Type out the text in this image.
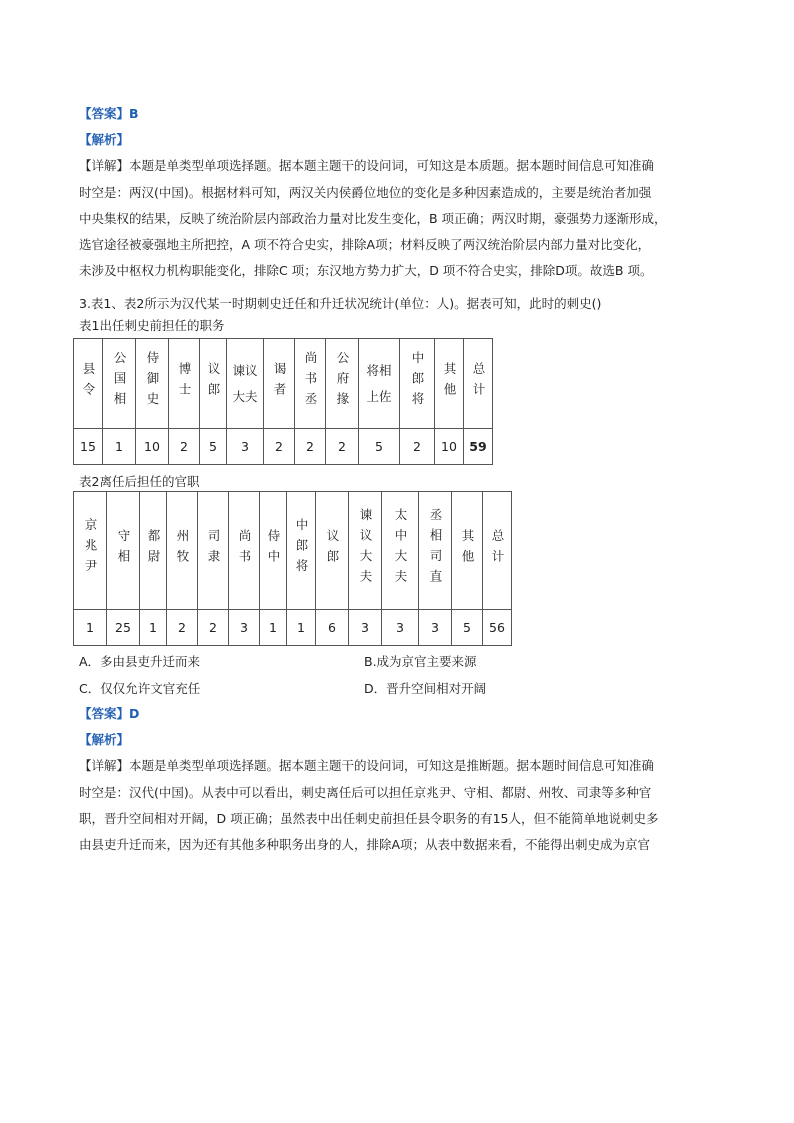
【答案】B
【解析】
【详解】本题是单类型单项选择题。据本题主题干的设问词，可知这是本质题。据本题时间信息可知准确
时空是：两汉(中国)。根据材料可知，两汉关内侯爵位地位的变化是多种因素造成的，主要是统治者加强
中央集权的结果，反映了统治阶层内部政治力量对比发生变化，B 项正确；两汉时期，豪强势力逐渐形成，
选官途径被豪强地主所把控，A 项不符合史实，排除A项；材料反映了两汉统治阶层内部力量对比变化，
未涉及中枢权力机构职能变化，排除C 项；东汉地方势力扩大，D 项不符合史实，排除D项。故选B 项。
3.表1、表2所示为汉代某一时期刺史迁任和升迁状况统计(单位：人)。据表可知，此时的刺史()
表1出任刺史前担任的职务
县令	公国相	侍御史	博士	议郎	谏议大夫	谒者	尚书丞	公府掾	将相上佐	中郎将	其他	总计
15	1	10	2	5	3	2	2	2	5	2	10	59
表2离任后担任的官职
京兆尹	守相	都尉	州牧	司隶	尚书	侍中	中郎将	议郎	谏议大夫	太中大夫	丞相司直	其他	总计
1	25	1	2	2	3	1	1	6	3	3	3	5	56
A．多由县吏升迁而来	B.成为京官主要来源
C．仅仅允许文官充任	D．晋升空间相对开阔
【答案】D
【解析】
【详解】本题是单类型单项选择题。据本题主题干的设问词，可知这是推断题。据本题时间信息可知准确
时空是：汉代(中国)。从表中可以看出，刺史离任后可以担任京兆尹、守相、都尉、州牧、司隶等多种官
职，晋升空间相对开阔，D 项正确；虽然表中出任刺史前担任县令职务的有15人，但不能简单地说刺史多
由县吏升迁而来，因为还有其他多种职务出身的人，排除A项；从表中数据来看，不能得出刺史成为京官
